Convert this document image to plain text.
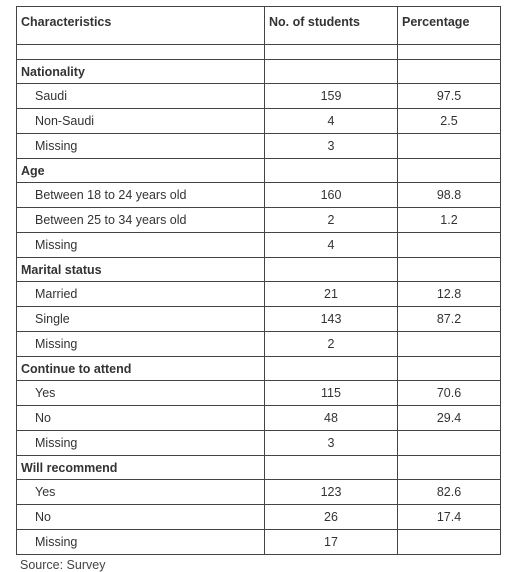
Characteristics	No. of students	Percentage

Nationality		
Saudi	159	97.5
Non-Saudi	4	2.5
Missing	3	
Age		
Between 18 to 24 years old	160	98.8
Between 25 to 34 years old	2	1.2
Missing	4	
Marital status		
Married	21	12.8
Single	143	87.2
Missing	2	
Continue to attend		
Yes	115	70.6
No	48	29.4
Missing	3	
Will recommend		
Yes	123	82.6
No	26	17.4
Missing	17	
Source: Survey
